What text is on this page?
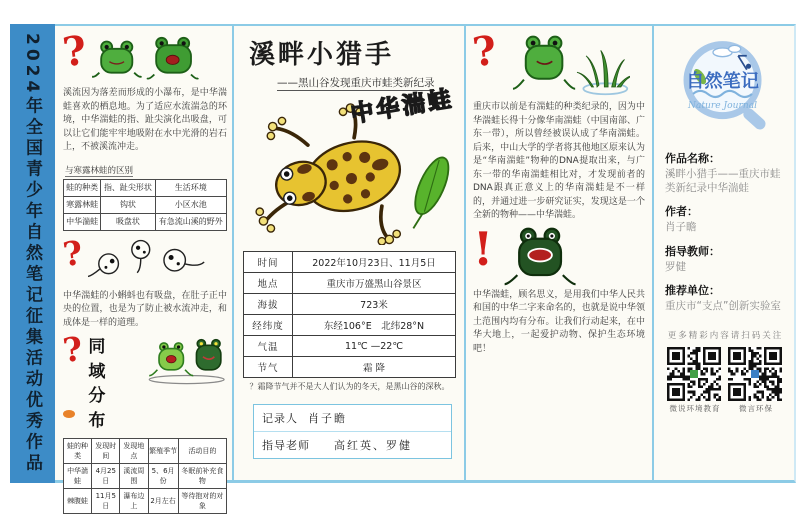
2024年全国青少年自然笔记征集活动优秀作品 ?

溪流因为落差而形成的小瀑布，是中华湍蛙喜欢的栖息地。为了适应水流湍急的环境，中华湍蛙的指、趾尖演化出吸盘，可以让它们能牢牢地吸附在水中光滑的岩石上，不被溪流冲走。

与寒露林蛙的区别
蛙的种类	指、趾尖形状	生活环境
寒露林蛙	钩状	小区水池
中华湍蛙	吸盘状	有急流山溪的野外
?

中华湍蛙的小蝌蚪也有吸盘，在肚子正中央的位置，也是为了防止被水流冲走，和成体是一样的道理。

? 同域分布
蛙的种类	发现时间	发现地点	繁殖季节	活动目的
中华湍蛙	4月25日	溪流周围	5、6月份	冬眠前补充食物
棘腹蛙	11月5日	瀑布边上	2月左右	等待抱对的对象
溪畔小猎手
——黑山谷发现重庆市蛙类新纪录
中华湍蛙
时间	2022年10月23日、11月5日
地点	重庆市万盛黑山谷景区
海拔	723米
经纬度	东经106°E　北纬28°N
气温	11℃ —22℃
节气	霜 降
？霜降节气并不是大人们认为的冬天，是黑山谷的深秋。
记录人 肖子瞻
指导老师 高红英、罗健
?

重庆市以前是有湍蛙的种类纪录的，因为中华湍蛙长得十分像华南湍蛙（中国南部、广东一带），所以曾经被误认成了华南湍蛙。后来，中山大学的学者将其他地区原来认为是“华南湍蛙”物种的DNA提取出来，与广东一带的华南湍蛙相比对，才发现前者的DNA跟真正意义上的华南湍蛙是不一样的，并通过进一步研究证实，发现这是一个全新的物种——中华湍蛙。

!

中华湍蛙，顾名思义，是用我们中华人民共和国的中华二字来命名的，也就是说中华领土范围内均有分布。让我们行动起来，在中华大地上，一起爱护动物、保护生态环境吧！

自然笔记
Nature Journal
作品名称：
溪畔小猎手——重庆市蛙类新纪录中华湍蛙
作者：
肖子瞻
指导教师：
罗健
推荐单位：
重庆市“支点”创新实验室
更多精彩内容请扫码关注
微说环境教育	微言环保
